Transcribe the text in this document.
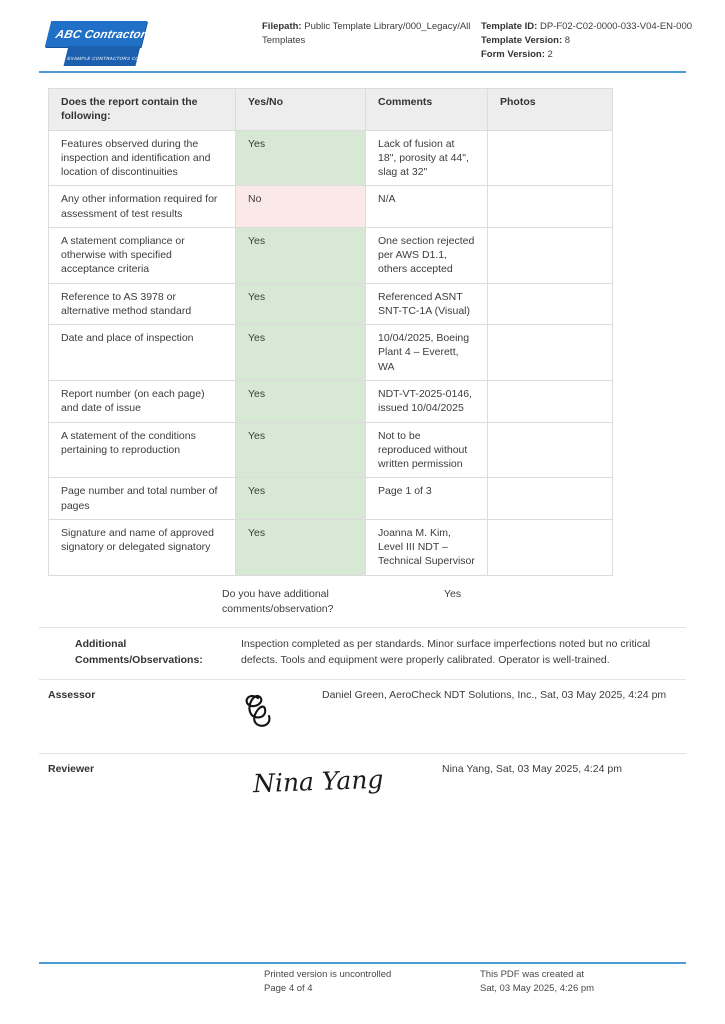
ABC Contractors
EXAMPLE CONTRACTORS COMPANY
Filepath: Public Template Library/000_Legacy/All Templates
Template ID: DP-F02-C02-0000-033-V04-EN-000
Template Version: 8
Form Version: 2
Does the report contain the following:	Yes/No	Comments	Photos
Features observed during the inspection and identification and location of discontinuities	Yes	Lack of fusion at 18", porosity at 44", slag at 32"	
Any other information required for assessment of test results	No	N/A	
A statement compliance or otherwise with specified acceptance criteria	Yes	One section rejected per AWS D1.1, others accepted	
Reference to AS 3978 or alternative method standard	Yes	Referenced ASNT SNT-TC-1A (Visual)	
Date and place of inspection	Yes	10/04/2025, Boeing Plant 4 – Everett, WA	
Report number (on each page) and date of issue	Yes	NDT-VT-2025-0146, issued 10/04/2025	
A statement of the conditions pertaining to reproduction	Yes	Not to be reproduced without written permission	
Page number and total number of pages	Yes	Page 1 of 3	
Signature and name of approved signatory or delegated signatory	Yes	Joanna M. Kim, Level III NDT – Technical Supervisor	
Do you have additional comments/observation?
Yes
Additional Comments/Observations:
Inspection completed as per standards. Minor surface imperfections noted but no critical defects. Tools and equipment were properly calibrated. Operator is well-trained.
Assessor	Daniel Green, AeroCheck NDT Solutions, Inc., Sat, 03 May 2025, 4:24 pm
Reviewer	Nina Yang	Nina Yang, Sat, 03 May 2025, 4:24 pm
Printed version is uncontrolled
Page 4 of 4
This PDF was created at
Sat, 03 May 2025, 4:26 pm
